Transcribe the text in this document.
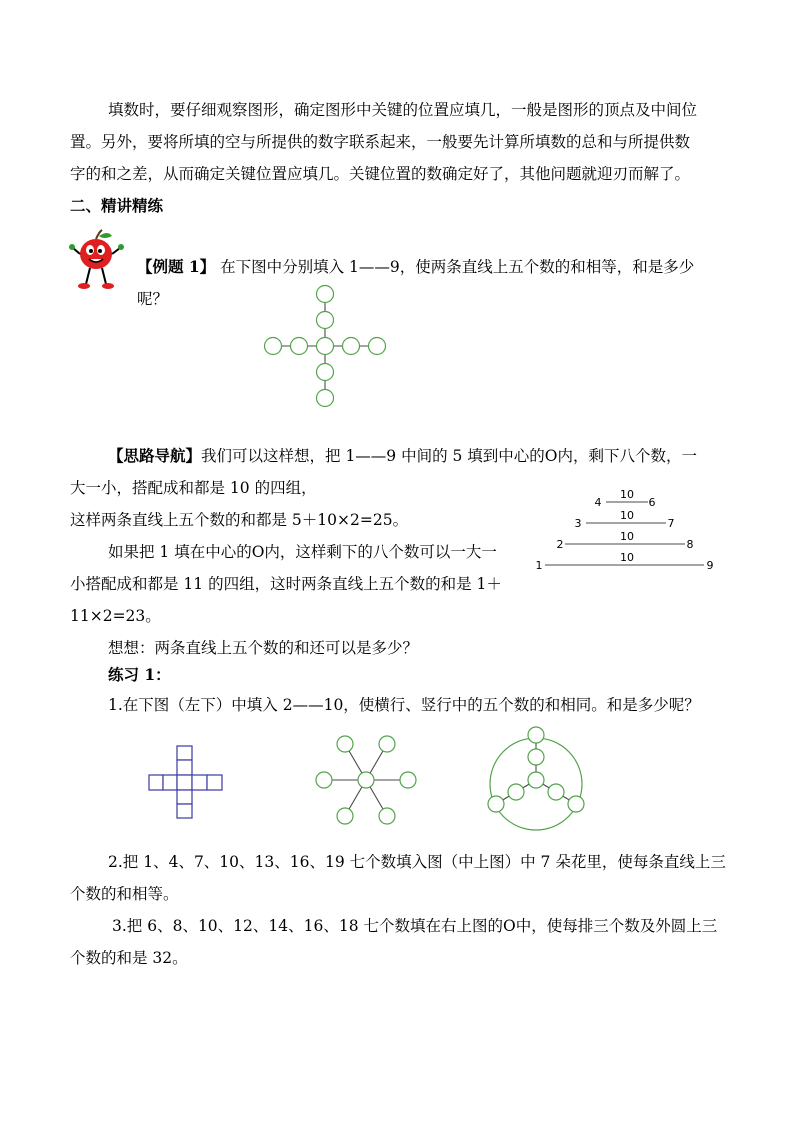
填数时，要仔细观察图形，确定图形中关键的位置应填几，一般是图形的顶点及中间位
置。另外，要将所填的空与所提供的数字联系起来，一般要先计算所填数的总和与所提供数
字的和之差，从而确定关键位置应填几。关键位置的数确定好了，其他问题就迎刃而解了。
二、精讲精练
【例题 1】 在下图中分别填入 1——9，使两条直线上五个数的和相等，和是多少
呢？
【思路导航】我们可以这样想，把 1——9 中间的 5 填到中心的O内，剩下八个数，一
大一小，搭配成和都是 10 的四组，
这样两条直线上五个数的和都是 5＋10×2=25。
如果把 1 填在中心的O内，这样剩下的八个数可以一大一
小搭配成和都是 11 的四组，这时两条直线上五个数的和是 1＋
11×2=23。
想想：两条直线上五个数的和还可以是多少？
4
10
6
3
10
7
2
10
8
1
10
9
练习 1：
1.在下图（左下）中填入 2——10，使横行、竖行中的五个数的和相同。和是多少呢？
2.把 1、4、7、10、13、16、19 七个数填入图（中上图）中 7 朵花里，使每条直线上三
个数的和相等。
3.把 6、8、10、12、14、16、18 七个数填在右上图的O中，使每排三个数及外圆上三
个数的和是 32。
